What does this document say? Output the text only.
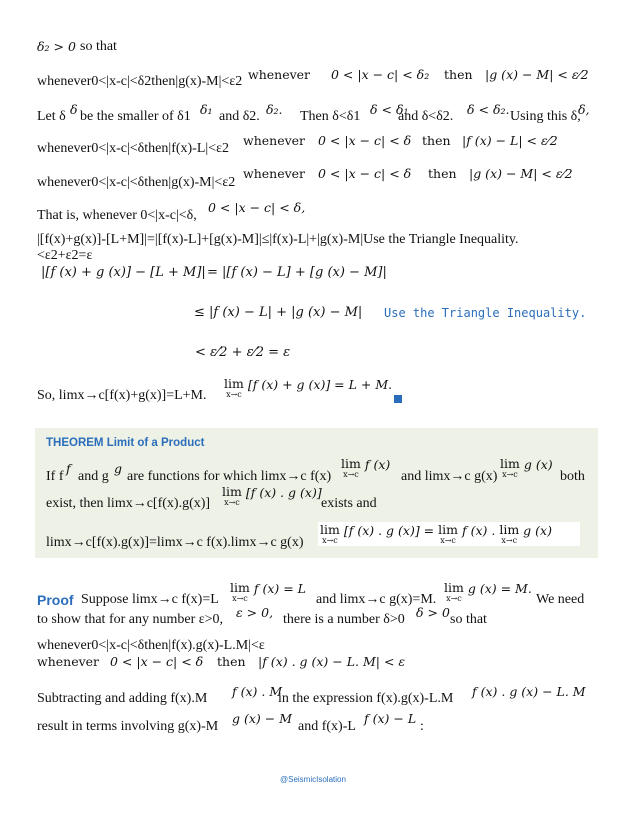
δ₂ > 0 so that
whenever0<|x-c|<δ2then|g(x)-M|<ε2 whenever 0 < |x − c| < δ₂ then |g (x) − M| < ε⁄2
Let δ δ be the smaller of δ1 δ₁ and δ2. δ₂. Then δ<δ1 δ < δ₁
and δ<δ2. δ < δ₂. Using this δ,
δ,
whenever0<|x-c|<δthen|f(x)-L|<ε2
whenever 0 < |x − c| < δ then |f (x) − L| < ε⁄2
whenever0<|x-c|<δthen|g(x)-M|<ε2
whenever 0 < |x − c| < δ then |g (x) − M| < ε⁄2
That is, whenever 0<|x-c|<δ,
0 < |x − c| < δ,
|[f(x)+g(x)]-[L+M]|=|[f(x)-L]+[g(x)-M]|≤|f(x)-L|+|g(x)-M|Use the Triangle Inequality.
<ε2+ε2=ε
|[f (x) + g (x)] − [L + M]| = |[f (x) − L] + [g (x) − M]|
≤ |f (x) − L| + |g (x) − M| Use the Triangle Inequality.
< ε⁄2 + ε⁄2 = ε
So, limx→c[f(x)+g(x)]=L+M.
lim
x→c
[f (x) + g (x)] = L + M.
THEOREM Limit of a Product
If f
f
and g
g
are functions for which limx→c f(x)
lim
x→c
f (x)
and limx→c g(x)
lim
x→c
g (x)
both
exist, then limx→c[f(x).g(x)]
lim
x→c
[f (x) . g (x)]
exists and
limx→c[f(x).g(x)]=limx→c f(x).limx→c g(x)
lim
x→c
[f (x) . g (x)] = lim
x→c
f (x) . lim
x→c
g (x)
Proof Suppose limx→c f(x)=L
lim
x→c
f (x) = L
and limx→c g(x)=M.
lim
x→c
g (x) = M.
We need
to show that for any number ε>0, ε > 0, there is a number δ>0 δ > 0 so that
whenever0<|x-c|<δthen|f(x).g(x)-L.M|<ε
whenever 0 < |x − c| < δ then |f (x) . g (x) − L. M| < ε
Subtracting and adding f(x).M f (x) . M
in the expression f(x).g(x)-L.M f (x) . g (x) − L. M
result in terms involving g(x)-M
g (x) − M
and f(x)-L
f (x) − L
:
@SeismicIsolation
